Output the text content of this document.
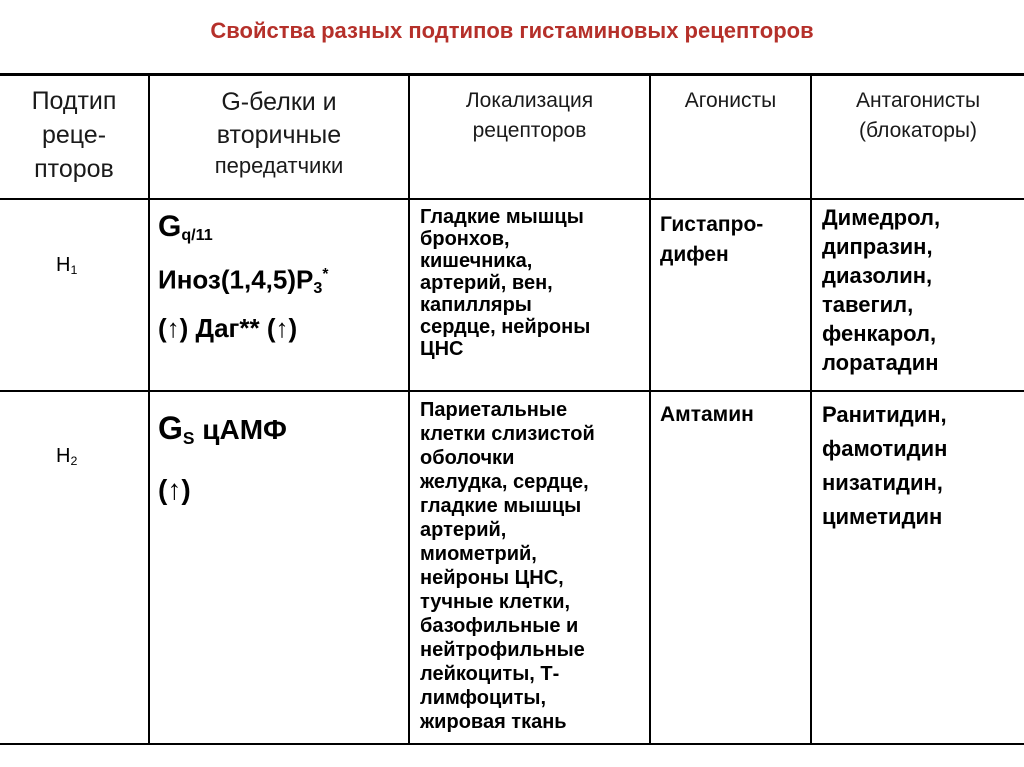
Свойства разных подтипов гистаминовых рецепторов
Подтип
реце-
пторов
G-белки и
вторичные
передатчики
Локализация
рецепторов
Агонисты	Антагонисты
(блокаторы)
$H_1$
$G_{q/11}$
$Иноз(1,4,5)P_3^*$
(↑) Даг** (↑)
Гладкие мышцы
бронхов,
кишечника,
артерий, вен,
капилляры
сердце, нейроны
ЦНС
Гистапро-
дифен
Димедрол,
дипразин,
диазолин,
тавегил,
фенкарол,
лоратадин
$H_2$
$G_S$ цАМФ
(↑)
Париетальные
клетки слизистой
оболочки
желудка, сердце,
гладкие мышцы
артерий,
миометрий,
нейроны ЦНС,
тучные клетки,
базофильные и
нейтрофильные
лейкоциты, Т-
лимфоциты,
жировая ткань
Амтамин	Ранитидин,
фамотидин
низатидин,
циметидин
